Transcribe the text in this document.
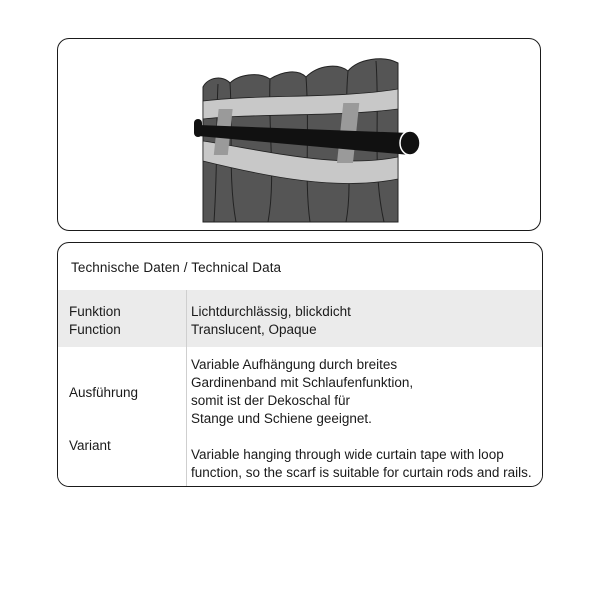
Technische Daten / Technical Data
Funktion
Function
Lichtdurchlässig, blickdicht
Translucent, Opaque
Ausführung
Variant
Variable Aufhängung durch breites
Gardinenband mit Schlaufenfunktion,
somit ist der Dekoschal für
Stange und Schiene geeignet.
Variable hanging through wide curtain tape with loop
function, so the scarf is suitable for curtain rods and rails.
